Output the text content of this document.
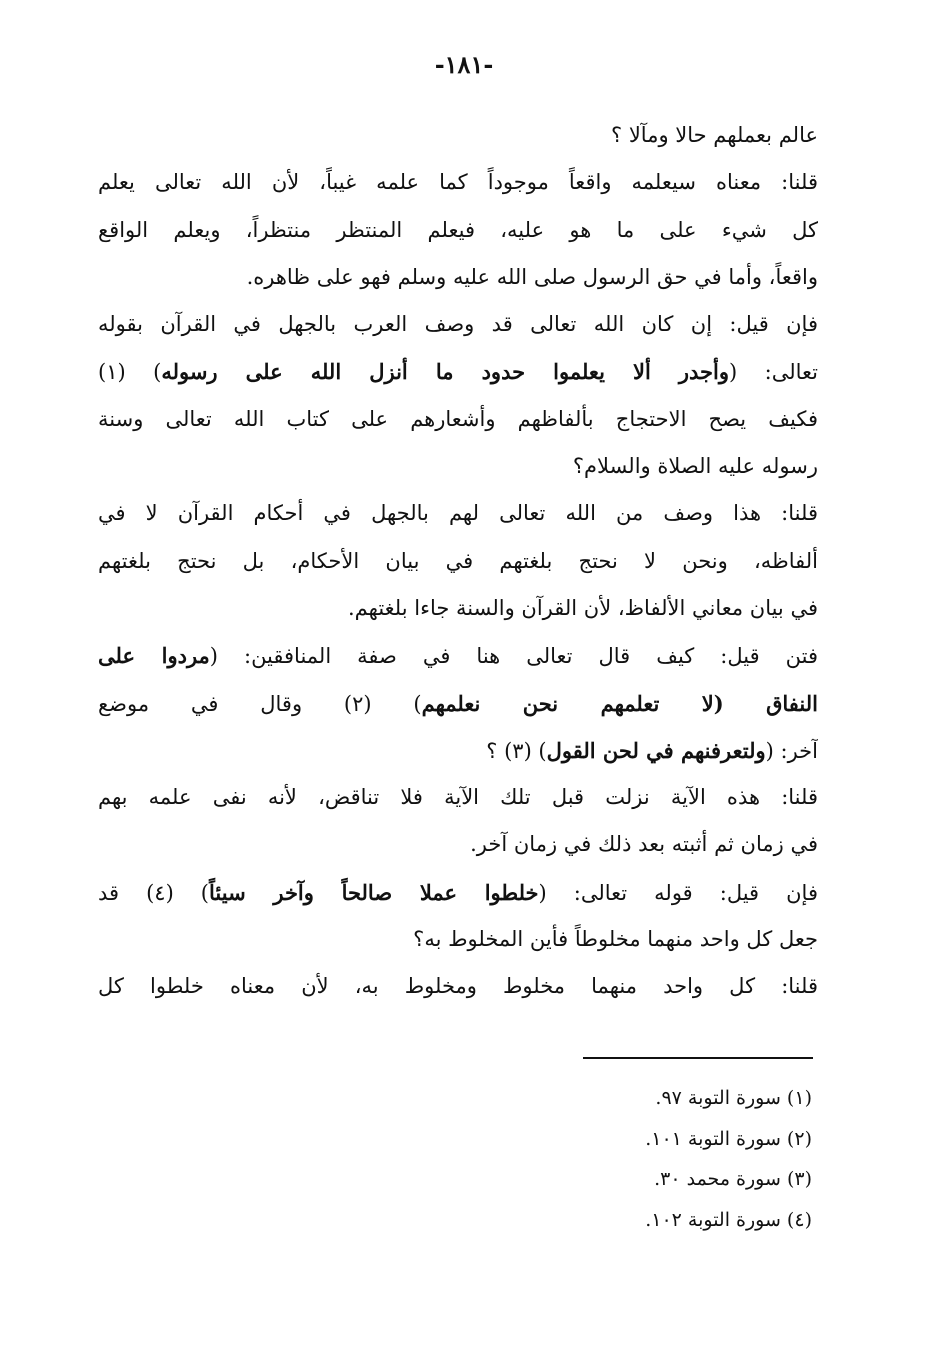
-١٨١-
عالم بعملهم حالا ومآلا ؟
قلنا: معناه سيعلمه واقعاً موجوداً كما علمه غيباً، لأن الله تعالى يعلم
كل شيء على ما هو عليه، فيعلم المنتظر منتظراً، ويعلم الواقع
واقعاً، وأما في حق الرسول صلى الله عليه وسلم فهو على ظاهره.
فإن قيل: إن كان الله تعالى قد وصف العرب بالجهل في القرآن بقوله
تعالى: (وأجدر ألا يعلموا حدود ما أنزل الله على رسوله) (١)
فكيف يصح الاحتجاج بألفاظهم وأشعارهم على كتاب الله تعالى وسنة
رسوله عليه الصلاة والسلام؟
قلنا: هذا وصف من الله تعالى لهم بالجهل في أحكام القرآن لا في
ألفاظه، ونحن لا نحتج بلغتهم في بيان الأحكام، بل نحتج بلغتهم
في بيان معاني الألفاظ، لأن القرآن والسنة جاءا بلغتهم.
فتن قيل: كيف قال تعالى هنا في صفة المنافقين: (مردوا على
النفاق (لا تعلمهم نحن نعلمهم) (٢) وقال في موضع
آخر: (ولتعرفنهم في لحن القول) (٣) ؟
قلنا: هذه الآية نزلت قبل تلك الآية فلا تناقض، لأنه نفى علمه بهم
في زمان ثم أثبته بعد ذلك في زمان آخر.
فإن قيل: قوله تعالى: (خلطوا عملا صالحاً وآخر سيئاً) (٤) قد
جعل كل واحد منهما مخلوطاً فأين المخلوط به؟
قلنا: كل واحد منهما مخلوط ومخلوط به، لأن معناه خلطوا كل
(١) سورة التوبة ٩٧.
(٢) سورة التوبة ١٠١.
(٣) سورة محمد ٣٠.
(٤) سورة التوبة ١٠٢.
